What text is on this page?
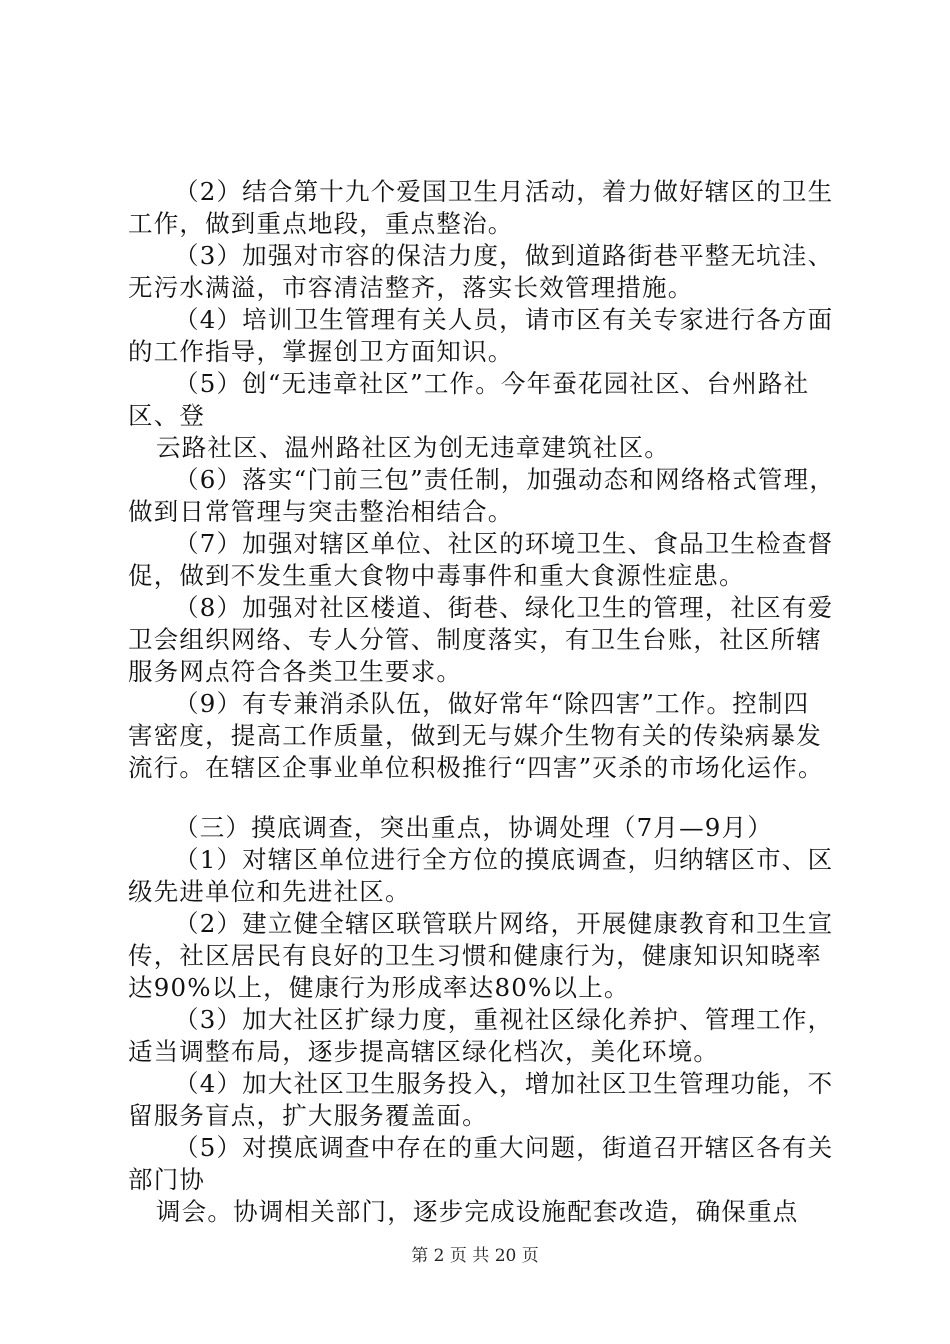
（2）结合第十九个爱国卫生月活动，着力做好辖区的卫生
工作，做到重点地段，重点整治。
（3）加强对市容的保洁力度，做到道路街巷平整无坑洼、
无污水满溢，市容清洁整齐，落实长效管理措施。
（4）培训卫生管理有关人员，请市区有关专家进行各方面
的工作指导，掌握创卫方面知识。
（5）创“无违章社区”工作。今年蚕花园社区、台州路社
区、登
云路社区、温州路社区为创无违章建筑社区。
（6）落实“门前三包”责任制，加强动态和网络格式管理，
做到日常管理与突击整治相结合。
（7）加强对辖区单位、社区的环境卫生、食品卫生检查督
促，做到不发生重大食物中毒事件和重大食源性症患。
（8）加强对社区楼道、街巷、绿化卫生的管理，社区有爱
卫会组织网络、专人分管、制度落实，有卫生台账，社区所辖
服务网点符合各类卫生要求。
（9）有专兼消杀队伍，做好常年“除四害”工作。控制四
害密度，提高工作质量，做到无与媒介生物有关的传染病暴发
流行。在辖区企事业单位积极推行“四害”灭杀的市场化运作。
（三）摸底调查，突出重点，协调处理（7月—9月）
（1）对辖区单位进行全方位的摸底调查，归纳辖区市、区
级先进单位和先进社区。
（2）建立健全辖区联管联片网络，开展健康教育和卫生宣
传，社区居民有良好的卫生习惯和健康行为，健康知识知晓率
达90%以上，健康行为形成率达80%以上。
（3）加大社区扩绿力度，重视社区绿化养护、管理工作，
适当调整布局，逐步提高辖区绿化档次，美化环境。
（4）加大社区卫生服务投入，增加社区卫生管理功能，不
留服务盲点，扩大服务覆盖面。
（5）对摸底调查中存在的重大问题，街道召开辖区各有关
部门协
调会。协调相关部门，逐步完成设施配套改造，确保重点
第 2 页 共 20 页
